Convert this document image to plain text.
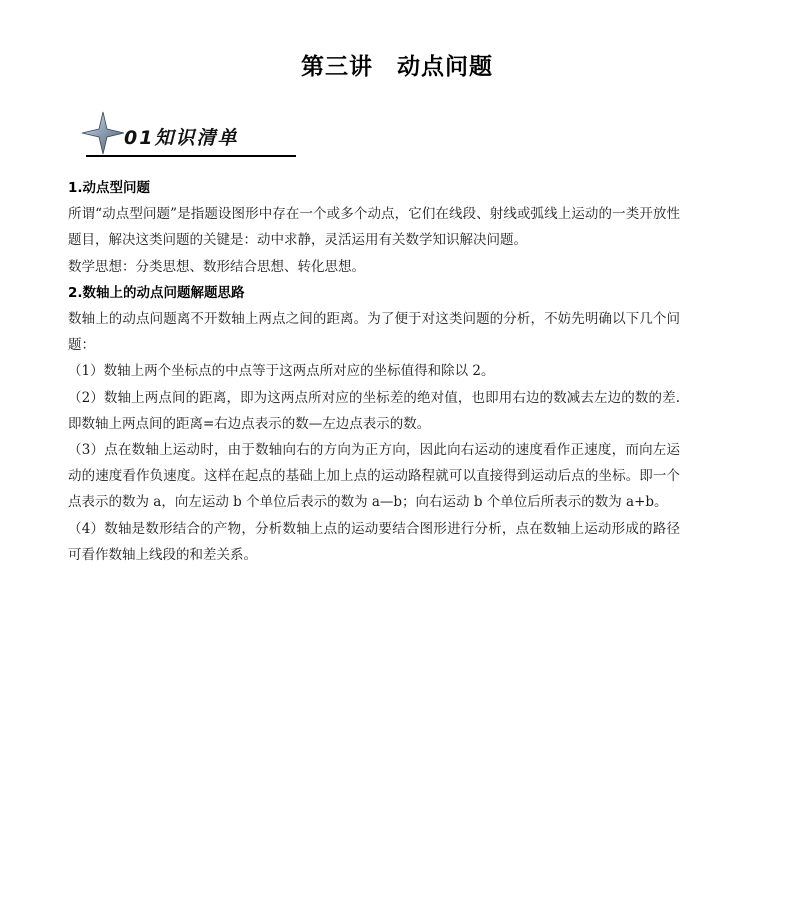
第三讲　动点问题
01知识清单

1.动点型问题

所谓“动点型问题”是指题设图形中存在一个或多个动点，它们在线段、射线或弧线上运动的一类开放性题目，解决这类问题的关键是：动中求静，灵活运用有关数学知识解决问题。

数学思想：分类思想、数形结合思想、转化思想。

2.数轴上的动点问题解题思路

数轴上的动点问题离不开数轴上两点之间的距离。为了便于对这类问题的分析，不妨先明确以下几个问题：

（1）数轴上两个坐标点的中点等于这两点所对应的坐标值得和除以 2。

（2）数轴上两点间的距离，即为这两点所对应的坐标差的绝对值，也即用右边的数减去左边的数的差.即数轴上两点间的距离=右边点表示的数—左边点表示的数。

（3）点在数轴上运动时，由于数轴向右的方向为正方向，因此向右运动的速度看作正速度，而向左运动的速度看作负速度。这样在起点的基础上加上点的运动路程就可以直接得到运动后点的坐标。即一个点表示的数为 a，向左运动 b 个单位后表示的数为 a—b；向右运动 b 个单位后所表示的数为 a+b。

（4）数轴是数形结合的产物，分析数轴上点的运动要结合图形进行分析，点在数轴上运动形成的路径可看作数轴上线段的和差关系。
